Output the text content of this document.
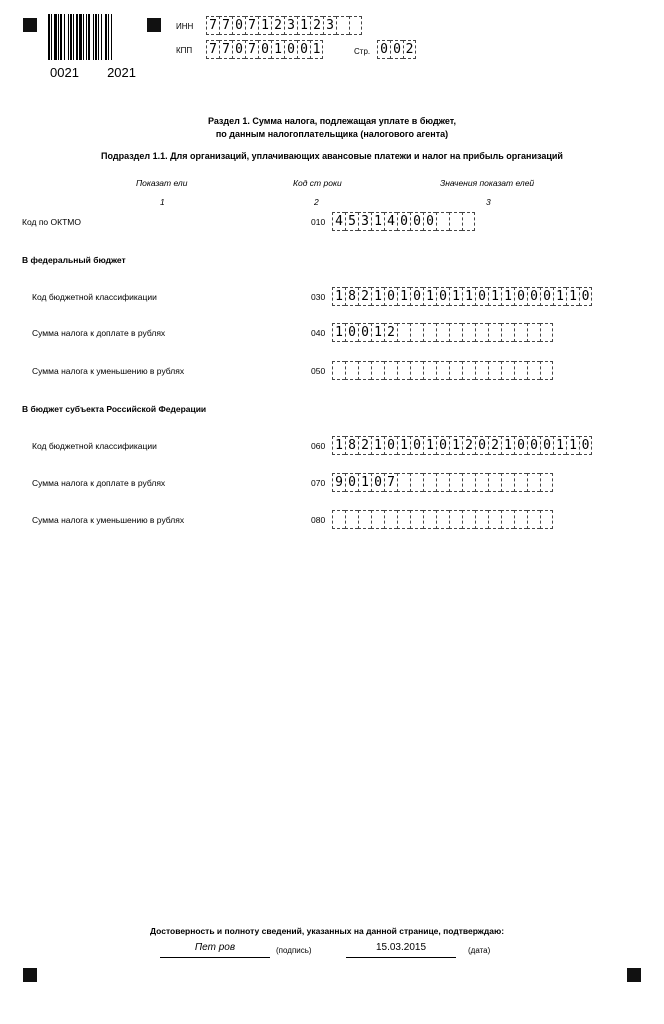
0021 2021
ИНН 7 7 0 7 1 2 3 1 2 3
КПП 7 7 0 7 0 1 0 0 1	Стр. 0 0 2
Раздел 1. Сумма налога, подлежащая уплате в бюджет,
по данным налогоплательщика (налогового агента)
Подраздел 1.1. Для организаций, уплачивающих авансовые платежи и налог на прибыль организаций
Показат ели	Код ст роки	Значения показат елей
1	2	3
Код по ОКТМО	010 4 5 3 1 4 0 0 0
В федеральный бюджет
Код бюджетной классификации	030 1 8 2 1 0 1 0 1 0 1 1 0 1 1 0 0 0 1 1 0
Сумма налога к доплате в рублях	040 1 0 0 1 2
Сумма налога к уменьшению в рублях	050
В бюджет субъекта Российской Федерации
Код бюджетной классификации	060 1 8 2 1 0 1 0 1 0 1 2 0 2 1 0 0 0 1 1 0
Сумма налога к доплате в рублях	070 9 0 1 0 7
Сумма налога к уменьшению в рублях	080
Достоверность и полноту сведений, указанных на данной странице, подтверждаю:
Пет ров	(подпись)	15.03.2015	(дата)
